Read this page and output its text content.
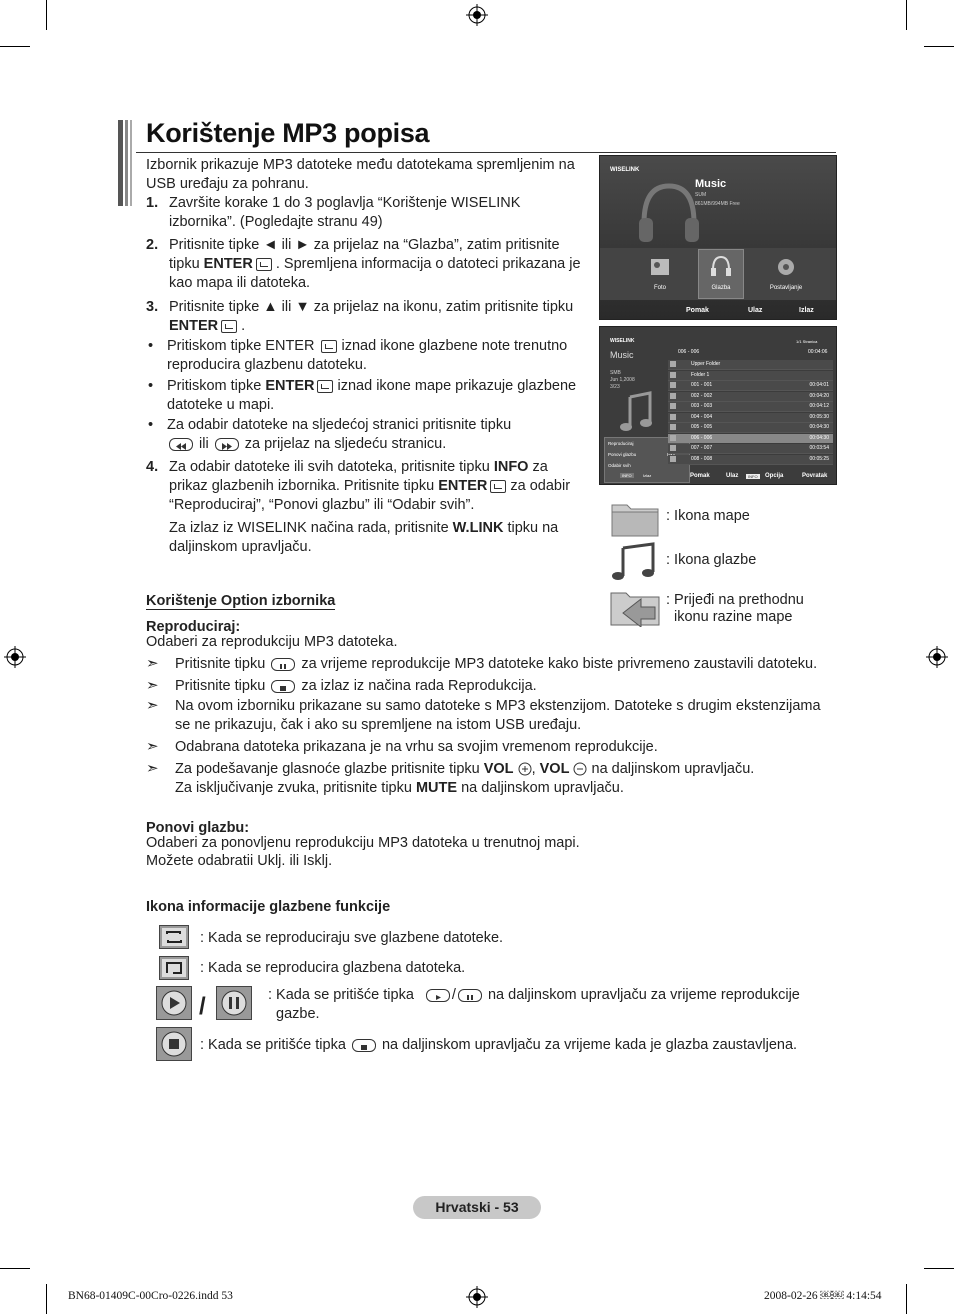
Korištenje MP3 popisa

Izbornik prikazuje MP3 datoteke među datotekama spremljenim na USB uređaju za pohranu.

1. Završite korake 1 do 3 poglavlja “Korištenje WISELINK izbornika”. (Pogledajte stranu 49)
2. Pritisnite tipke ◄ ili ► za prijelaz na “Glazba”, zatim pritisnite tipku ENTER . Spremljena informacija o datoteci prikazana je kao mapa ili datoteka.
3. Pritisnite tipke ▲ ili ▼ za prijelaz na ikonu, zatim pritisnite tipku ENTER .
• Pritiskom tipke ENTER  iznad ikone glazbene note trenutno reproducira glazbenu datoteku.
• Pritiskom tipke ENTER iznad ikone mape prikazuje glazbene datoteke u mapi.
• Za odabir datoteke na sljedećoj stranici pritisnite tipku
ili  za prijelaz na sljedeću stranicu.
4. Za odabir datoteke ili svih datoteka, pritisnite tipku INFO za prikaz glazbenih izbornika. Pritisnite tipku ENTER za odabir “Reproduciraj”, “Ponovi glazbu” ili “Odabir svih”.
Za izlaz iz WISELINK načina rada, pritisnite W.LINK tipku na daljinskom upravljaču.
WISELINK
Music
SUM
861MB/994MB Free
Foto	Glazba	Postavljanje
Pomak	Ulaz	Izlaz
WISELINK	1/1 Stranica
Music
SMB
Jun 1,2008
3/23
Reproduciraj
Ponovi glazbu
Odabir svih
INFO	Izlaz
006 - 006	00:04:06
Upper Folder
Folder 1
001 - 001	00:04:01
002 - 002	00:04:20
003 - 003	00:04:12
004 - 004	00:05:30
005 - 005	00:04:30
006 - 006	00:04:30
007 - 007	00:03:54
008 - 008	00:05:25
Pomak	Ulaz	INFO	Opcija	Povratak
: Ikona mape
: Ikona glazbe
: Prijeđi na prethodnu
ikonu razine mape
Korištenje Option izbornika
Reproduciraj:
Odaberi za reprodukciju MP3 datoteka.
➣ Pritisnite tipku  za vrijeme reprodukcije MP3 datoteke kako biste privremeno zaustavili datoteku.
➣ Pritisnite tipku  za izlaz iz načina rada Reprodukcija.
➣ Na ovom izborniku prikazane su samo datoteke s MP3 ekstenzijom. Datoteke s drugim ekstenzijama se ne prikazuju, čak i ako su spremljene na istom USB uređaju.
➣ Odabrana datoteka prikazana je na vrhu sa svojim vremenom reprodukcije.
➣ Za podešavanje glasnoće glazbe pritisnite tipku VOL , VOL  na daljinskom upravljaču.
Za isključivanje zvuka, pritisnite tipku MUTE na daljinskom upravljaču.
Ponovi glazbu:
Odaberi za ponovljenu reprodukciju MP3 datoteka u trenutnoj mapi.
Možete odabratii Uklj. ili Isklj.
Ikona informacije glazbene funkcije
: Kada se reproduciraju sve glazbene datoteke.
: Kada se reproducira glazbena datoteka.
/	: Kada se pritišće tipka / na daljinskom upravljaču za vrijeme reprodukcije
gazbe.
: Kada se pritišće tipka  na daljinskom upravljaču za vrijeme kada je glazba zaustavljena.
Hrvatski - 53
BN68-01409C-00Cro-0226.indd 53	2008-02-26 ￼￼ 4:14:54
